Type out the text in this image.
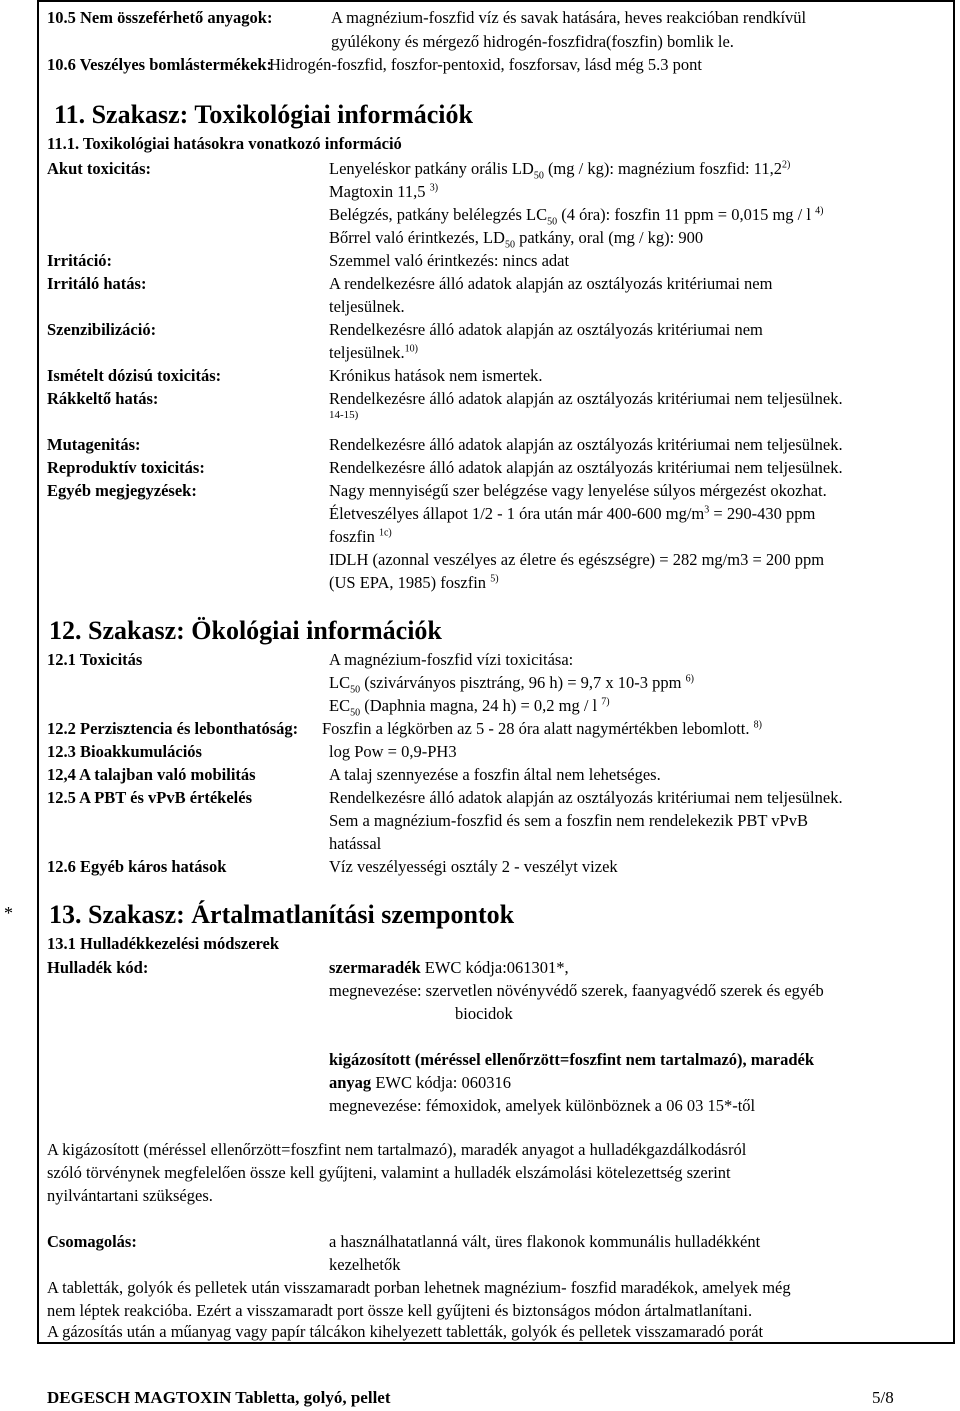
10.5 Nem összeférhető anyagok:	A magnézium-foszfid víz és savak hatására, heves reakcióban rendkívül
gyúlékony és mérgező hidrogén-foszfidra(foszfin) bomlik le.
10.6 Veszélyes bomlástermékek:
Hidrogén-foszfid, foszfor-pentoxid, foszforsav, lásd még 5.3 pont
11. Szakasz: Toxikológiai információk
11.1. Toxikológiai hatásokra vonatkozó információ
Akut toxicitás:	Lenyeléskor patkány orális $LD_{50}$ (mg / kg): magnézium foszfid: 11,2$^{2)}$
Magtoxin 11,5 $^{3)}$
Belégzés, patkány belélegzés $LC_{50}$ (4 óra): foszfin 11 ppm = 0,015 mg / l $^{4)}$
Bőrrel való érintkezés, $LD_{50}$ patkány, oral (mg / kg): 900
Irritáció:	Szemmel való érintkezés: nincs adat
Irritáló hatás:	A rendelkezésre álló adatok alapján az osztályozás kritériumai nem
teljesülnek.
Szenzibilizáció:	Rendelkezésre álló adatok alapján az osztályozás kritériumai nem
teljesülnek.$^{10)}$
Ismételt dózisú toxicitás:	Krónikus hatások nem ismertek.
Rákkeltő hatás:	Rendelkezésre álló adatok alapján az osztályozás kritériumai nem teljesülnek.
14-15)
Mutagenitás:	Rendelkezésre álló adatok alapján az osztályozás kritériumai nem teljesülnek.
Reproduktív toxicitás:	Rendelkezésre álló adatok alapján az osztályozás kritériumai nem teljesülnek.
Egyéb megjegyzések:	Nagy mennyiségű szer belégzése vagy lenyelése súlyos mérgezést okozhat.
Életveszélyes állapot 1/2 - 1 óra után már 400-600 $mg/m^3 = 290-430$ ppm
foszfin $^{1c)}$
IDLH (azonnal veszélyes az életre és egészségre) = 282 mg/m3 = 200 ppm
(US EPA, 1985) foszfin $^{5)}$
12. Szakasz: Ökológiai információk
12.1 Toxicitás	A magnézium-foszfid vízi toxicitása:
$LC_{50}$ (szivárványos pisztráng, 96 h) = 9,7 x 10-3 ppm $^{6)}$
$EC_{50}$ (Daphnia magna, 24 h) = 0,2 mg / l $^{7)}$
12.2 Perzisztencia és lebonthatóság: Foszfin a légkörben az 5 - 28 óra alatt nagymértékben lebomlott. $^{8)}$
12.3 Bioakkumulációs	log Pow = 0,9-PH3
12,4 A talajban való mobilitás	A talaj szennyezése a foszfin által nem lehetséges.
12.5 A PBT és vPvB értékelés	Rendelkezésre álló adatok alapján az osztályozás kritériumai nem teljesülnek.
Sem a magnézium-foszfid és sem a foszfin nem rendelekezik PBT vPvB
hatással
12.6 Egyéb káros hatások	Víz veszélyességi osztály 2 - veszélyt vizek
* 13. Szakasz: Ártalmatlanítási szempontok
13.1 Hulladékkezelési módszerek
Hulladék kód:	szermaradék EWC kódja:061301*,
megnevezése: szervetlen növényvédő szerek, faanyagvédő szerek és egyéb
biocidok
kigázosított (méréssel ellenőrzött=foszfint nem tartalmazó), maradék
anyag EWC kódja: 060316
megnevezése: fémoxidok, amelyek különböznek a 06 03 15*-től
A kigázosított (méréssel ellenőrzött=foszfint nem tartalmazó), maradék anyagot a hulladékgazdálkodásról
szóló törvénynek megfelelően össze kell gyűjteni, valamint a hulladék elszámolási kötelezettség szerint
nyilvántartani szükséges.
Csomagolás:	a használhatatlanná vált, üres flakonok kommunális hulladékként
kezelhetők
A tabletták, golyók és pelletek után visszamaradt porban lehetnek magnézium- foszfid maradékok, amelyek még
nem léptek reakcióba. Ezért a visszamaradt port össze kell gyűjteni és biztonságos módon ártalmatlanítani.
A gázosítás után a műanyag vagy papír tálcákon kihelyezett tabletták, golyók és pelletek visszamaradó porát
DEGESCH MAGTOXIN Tabletta, golyó, pellet	5/8
